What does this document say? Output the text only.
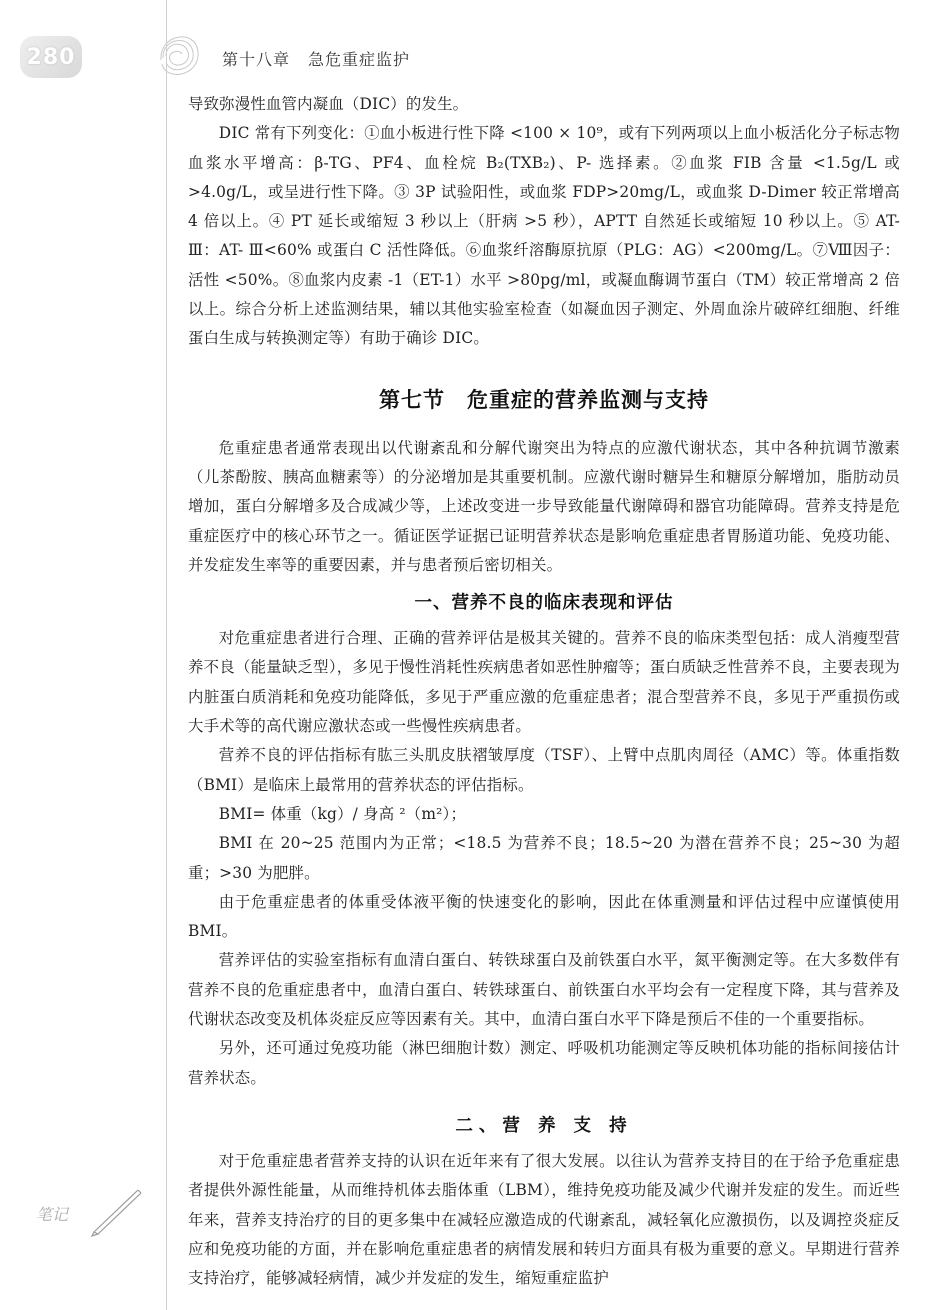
280	第十八章 急危重症监护

导致弥漫性血管内凝血（DIC）的发生。

DIC 常有下列变化：①血小板进行性下降 <100 × 10⁹，或有下列两项以上血小板活化分子标志物血浆水平增高：β-TG、PF4、血栓烷 B₂(TXB₂)、P- 选择素。②血浆 FIB 含量 <1.5g/L 或 >4.0g/L，或呈进行性下降。③ 3P 试验阳性，或血浆 FDP>20mg/L，或血浆 D-Dimer 较正常增高 4 倍以上。④ PT 延长或缩短 3 秒以上（肝病 >5 秒），APTT 自然延长或缩短 10 秒以上。⑤ AT- Ⅲ：AT- Ⅲ<60% 或蛋白 C 活性降低。⑥血浆纤溶酶原抗原（PLG：AG）<200mg/L。⑦Ⅷ因子：活性 <50%。⑧血浆内皮素 -1（ET-1）水平 >80pg/ml，或凝血酶调节蛋白（TM）较正常增高 2 倍以上。综合分析上述监测结果，辅以其他实验室检查（如凝血因子测定、外周血涂片破碎红细胞、纤维蛋白生成与转换测定等）有助于确诊 DIC。

第七节 危重症的营养监测与支持

危重症患者通常表现出以代谢紊乱和分解代谢突出为特点的应激代谢状态，其中各种抗调节激素（儿茶酚胺、胰高血糖素等）的分泌增加是其重要机制。应激代谢时糖异生和糖原分解增加，脂肪动员增加，蛋白分解增多及合成减少等，上述改变进一步导致能量代谢障碍和器官功能障碍。营养支持是危重症医疗中的核心环节之一。循证医学证据已证明营养状态是影响危重症患者胃肠道功能、免疫功能、并发症发生率等的重要因素，并与患者预后密切相关。

一、营养不良的临床表现和评估

对危重症患者进行合理、正确的营养评估是极其关键的。营养不良的临床类型包括：成人消瘦型营养不良（能量缺乏型），多见于慢性消耗性疾病患者如恶性肿瘤等；蛋白质缺乏性营养不良，主要表现为内脏蛋白质消耗和免疫功能降低，多见于严重应激的危重症患者；混合型营养不良，多见于严重损伤或大手术等的高代谢应激状态或一些慢性疾病患者。

营养不良的评估指标有肱三头肌皮肤褶皱厚度（TSF）、上臂中点肌肉周径（AMC）等。体重指数（BMI）是临床上最常用的营养状态的评估指标。

BMI= 体重（kg）/ 身高 ²（m²）；

BMI 在 20~25 范围内为正常；<18.5 为营养不良；18.5~20 为潜在营养不良；25~30 为超重；>30 为肥胖。

由于危重症患者的体重受体液平衡的快速变化的影响，因此在体重测量和评估过程中应谨慎使用 BMI。

营养评估的实验室指标有血清白蛋白、转铁球蛋白及前铁蛋白水平，氮平衡测定等。在大多数伴有营养不良的危重症患者中，血清白蛋白、转铁球蛋白、前铁蛋白水平均会有一定程度下降，其与营养及代谢状态改变及机体炎症反应等因素有关。其中，血清白蛋白水平下降是预后不佳的一个重要指标。

另外，还可通过免疫功能（淋巴细胞计数）测定、呼吸机功能测定等反映机体功能的指标间接估计营养状态。

二、营 养 支 持

对于危重症患者营养支持的认识在近年来有了很大发展。以往认为营养支持目的在于给予危重症患者提供外源性能量，从而维持机体去脂体重（LBM），维持免疫功能及减少代谢并发症的发生。而近些年来，营养支持治疗的目的更多集中在减轻应激造成的代谢紊乱，减轻氧化应激损伤，以及调控炎症反应和免疫功能的方面，并在影响危重症患者的病情发展和转归方面具有极为重要的意义。早期进行营养支持治疗，能够减轻病情，减少并发症的发生，缩短重症监护

笔记
